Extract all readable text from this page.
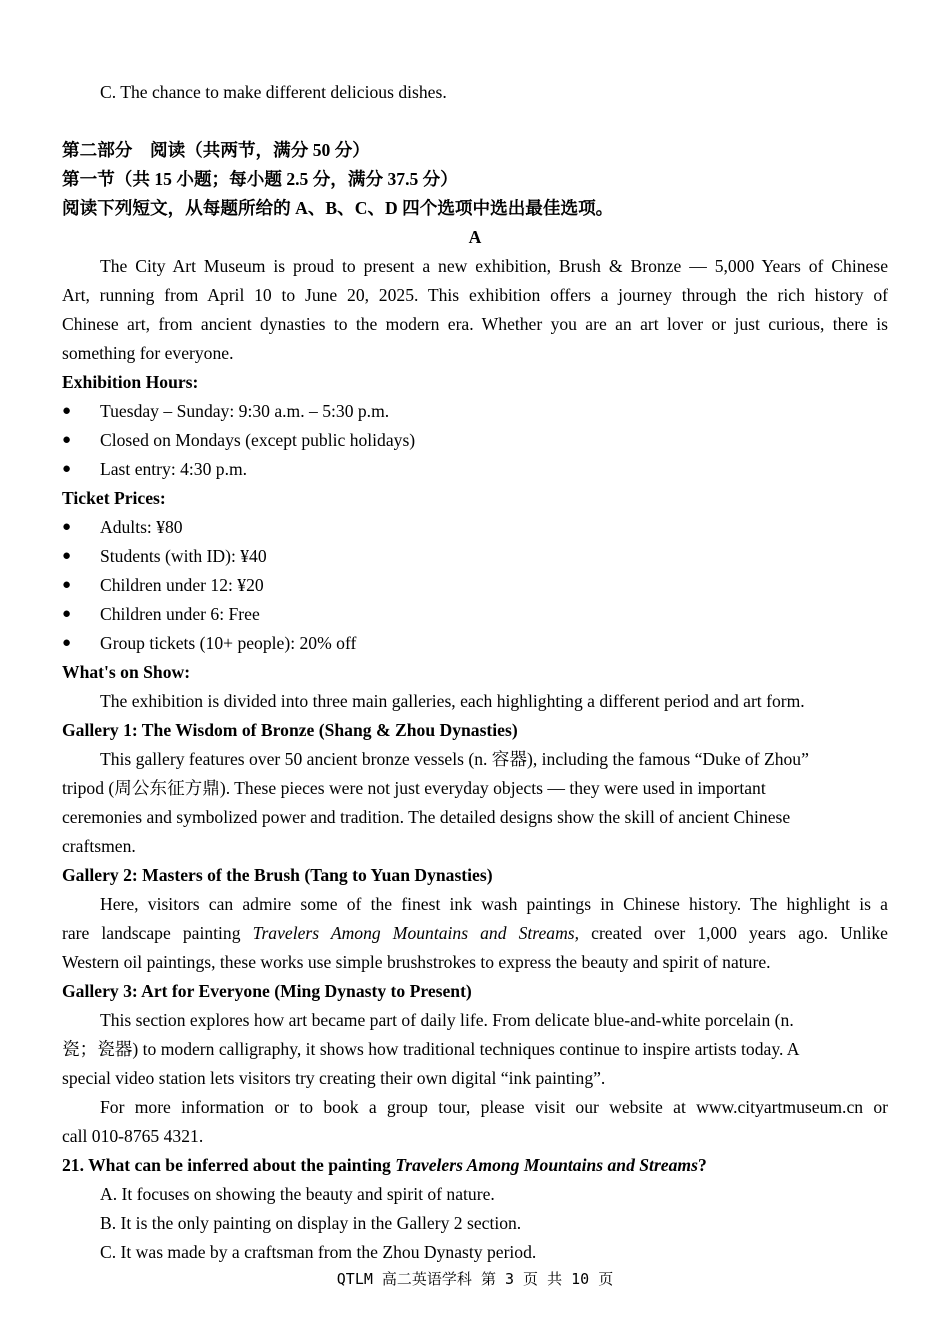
C. The chance to make different delicious dishes.
第二部分　阅读（共两节，满分 50 分）
第一节（共 15 小题；每小题 2.5 分，满分 37.5 分）
阅读下列短文，从每题所给的 A、B、C、D 四个选项中选出最佳选项。
A
The City Art Museum is proud to present a new exhibition, Brush & Bronze — 5,000 Years of Chinese
Art, running from April 10 to June 20, 2025. This exhibition offers a journey through the rich history of
Chinese art, from ancient dynasties to the modern era. Whether you are an art lover or just curious, there is
something for everyone.
Exhibition Hours:
● Tuesday – Sunday: 9:30 a.m. – 5:30 p.m.
● Closed on Mondays (except public holidays)
● Last entry: 4:30 p.m.
Ticket Prices:
● Adults: ¥80
● Students (with ID): ¥40
● Children under 12: ¥20
● Children under 6: Free
● Group tickets (10+ people): 20% off
What's on Show:
The exhibition is divided into three main galleries, each highlighting a different period and art form.
Gallery 1: The Wisdom of Bronze (Shang & Zhou Dynasties)
This gallery features over 50 ancient bronze vessels (n. 容器), including the famous “Duke of Zhou”
tripod (周公东征方鼎). These pieces were not just everyday objects — they were used in important
ceremonies and symbolized power and tradition. The detailed designs show the skill of ancient Chinese
craftsmen.
Gallery 2: Masters of the Brush (Tang to Yuan Dynasties)
Here, visitors can admire some of the finest ink wash paintings in Chinese history. The highlight is a
rare landscape painting Travelers Among Mountains and Streams, created over 1,000 years ago. Unlike
Western oil paintings, these works use simple brushstrokes to express the beauty and spirit of nature.
Gallery 3: Art for Everyone (Ming Dynasty to Present)
This section explores how art became part of daily life. From delicate blue-and-white porcelain (n.
瓷；瓷器) to modern calligraphy, it shows how traditional techniques continue to inspire artists today. A
special video station lets visitors try creating their own digital “ink painting”.
For more information or to book a group tour, please visit our website at www.cityartmuseum.cn or
call 010-8765 4321.
21. What can be inferred about the painting Travelers Among Mountains and Streams?
A. It focuses on showing the beauty and spirit of nature.
B. It is the only painting on display in the Gallery 2 section.
C. It was made by a craftsman from the Zhou Dynasty period.
QTLM 高二英语学科 第 3 页 共 10 页
